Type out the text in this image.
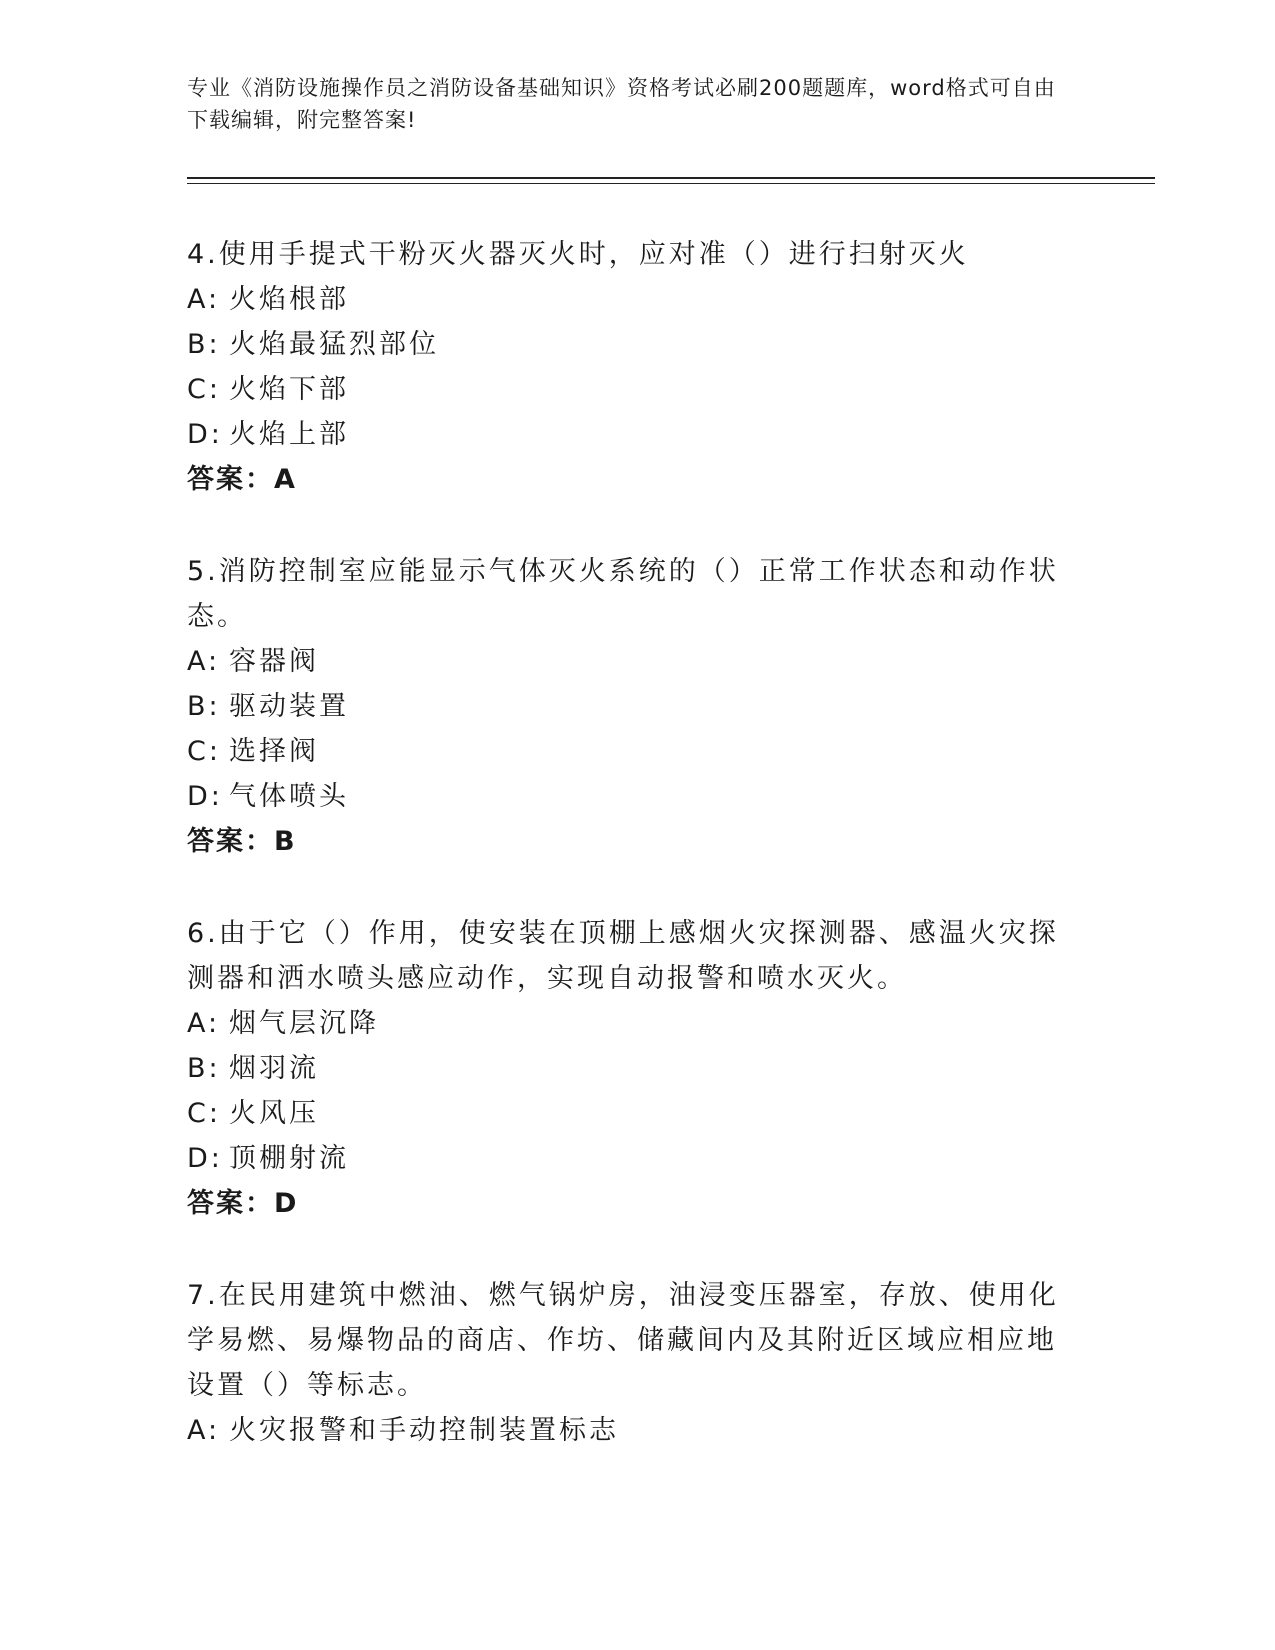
专业《消防设施操作员之消防设备基础知识》资格考试必刷200题题库，word格式可自由下载编辑，附完整答案!

4.使用手提式干粉灭火器灭火时，应对准（）进行扫射灭火

A: 火焰根部

B: 火焰最猛烈部位

C: 火焰下部

D: 火焰上部

答案：A

5.消防控制室应能显示气体灭火系统的（）正常工作状态和动作状态。

A: 容器阀

B: 驱动装置

C: 选择阀

D: 气体喷头

答案：B

6.由于它（）作用，使安装在顶棚上感烟火灾探测器、感温火灾探测器和洒水喷头感应动作，实现自动报警和喷水灭火。

A: 烟气层沉降

B: 烟羽流

C: 火风压

D: 顶棚射流

答案：D

7.在民用建筑中燃油、燃气锅炉房，油浸变压器室，存放、使用化学易燃、易爆物品的商店、作坊、储藏间内及其附近区域应相应地设置（）等标志。

A: 火灾报警和手动控制装置标志
